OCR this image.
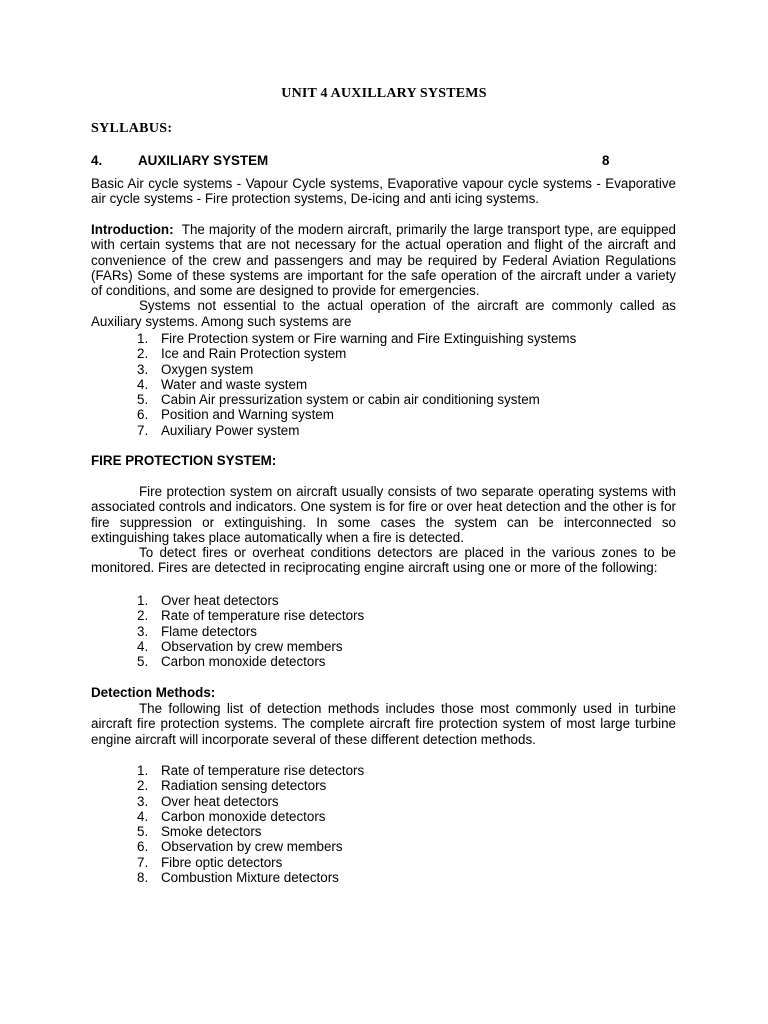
UNIT 4 AUXILLARY SYSTEMS
SYLLABUS:
4.	AUXILIARY SYSTEM	8

Basic Air cycle systems - Vapour Cycle systems, Evaporative vapour cycle systems - Evaporative air cycle systems - Fire protection systems, De-icing and anti icing systems.

Introduction: The majority of the modern aircraft, primarily the large transport type, are equipped with certain systems that are not necessary for the actual operation and flight of the aircraft and convenience of the crew and passengers and may be required by Federal Aviation Regulations (FARs) Some of these systems are important for the safe operation of the aircraft under a variety of conditions, and some are designed to provide for emergencies.

Systems not essential to the actual operation of the aircraft are commonly called as Auxiliary systems. Among such systems are

1. Fire Protection system or Fire warning and Fire Extinguishing systems
2. Ice and Rain Protection system
3. Oxygen system
4. Water and waste system
5. Cabin Air pressurization system or cabin air conditioning system
6. Position and Warning system
7. Auxiliary Power system
FIRE PROTECTION SYSTEM:

Fire protection system on aircraft usually consists of two separate operating systems with associated controls and indicators. One system is for fire or over heat detection and the other is for fire suppression or extinguishing. In some cases the system can be interconnected so extinguishing takes place automatically when a fire is detected.

To detect fires or overheat conditions detectors are placed in the various zones to be monitored. Fires are detected in reciprocating engine aircraft using one or more of the following:

1. Over heat detectors
2. Rate of temperature rise detectors
3. Flame detectors
4. Observation by crew members
5. Carbon monoxide detectors
Detection Methods:

The following list of detection methods includes those most commonly used in turbine aircraft fire protection systems. The complete aircraft fire protection system of most large turbine engine aircraft will incorporate several of these different detection methods.

1. Rate of temperature rise detectors
2. Radiation sensing detectors
3. Over heat detectors
4. Carbon monoxide detectors
5. Smoke detectors
6. Observation by crew members
7. Fibre optic detectors
8. Combustion Mixture detectors
